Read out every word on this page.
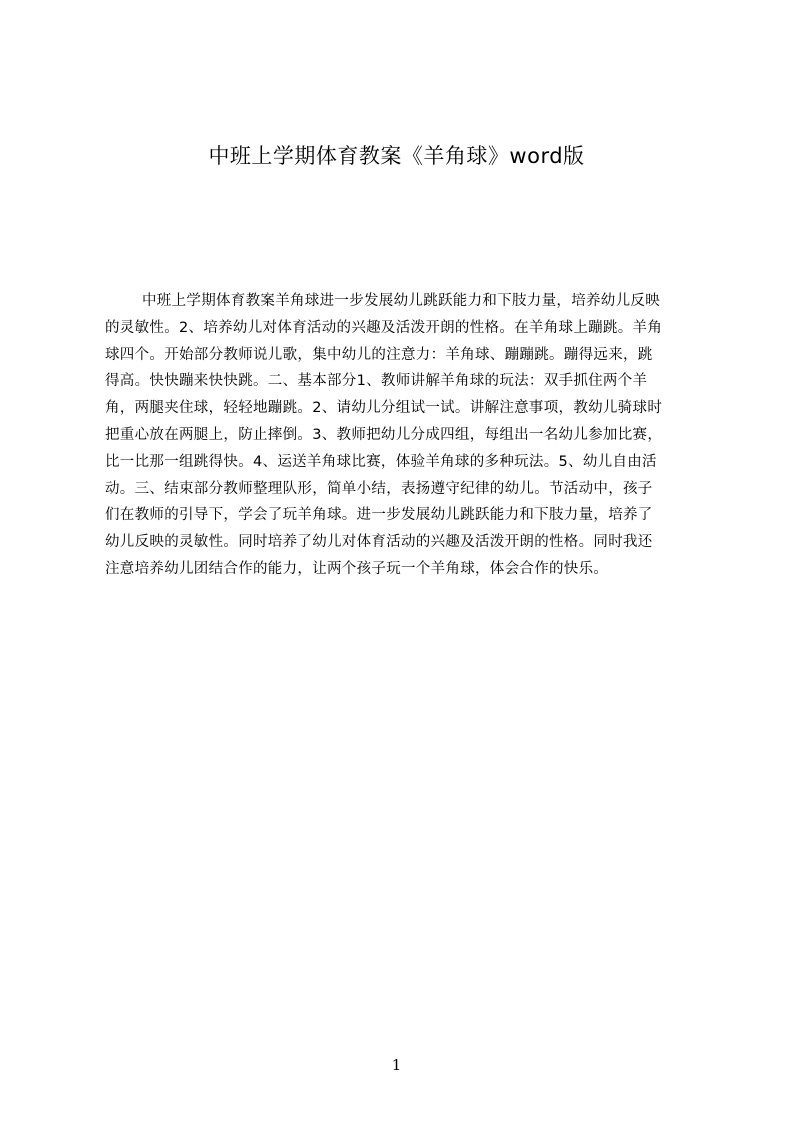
中班上学期体育教案《羊角球》word版
中班上学期体育教案羊角球进一步发展幼儿跳跃能力和下肢力量，培养幼儿反映
的灵敏性。2、培养幼儿对体育活动的兴趣及活泼开朗的性格。在羊角球上蹦跳。羊角
球四个。开始部分教师说儿歌，集中幼儿的注意力：羊角球、蹦蹦跳。蹦得远来，跳
得高。快快蹦来快快跳。二、基本部分1、教师讲解羊角球的玩法：双手抓住两个羊
角，两腿夹住球，轻轻地蹦跳。2、请幼儿分组试一试。讲解注意事项，教幼儿骑球时
把重心放在两腿上，防止摔倒。3、教师把幼儿分成四组，每组出一名幼儿参加比赛，
比一比那一组跳得快。4、运送羊角球比赛，体验羊角球的多种玩法。5、幼儿自由活
动。三、结束部分教师整理队形，简单小结，表扬遵守纪律的幼儿。节活动中，孩子
们在教师的引导下，学会了玩羊角球。进一步发展幼儿跳跃能力和下肢力量，培养了
幼儿反映的灵敏性。同时培养了幼儿对体育活动的兴趣及活泼开朗的性格。同时我还
注意培养幼儿团结合作的能力，让两个孩子玩一个羊角球，体会合作的快乐。
1
